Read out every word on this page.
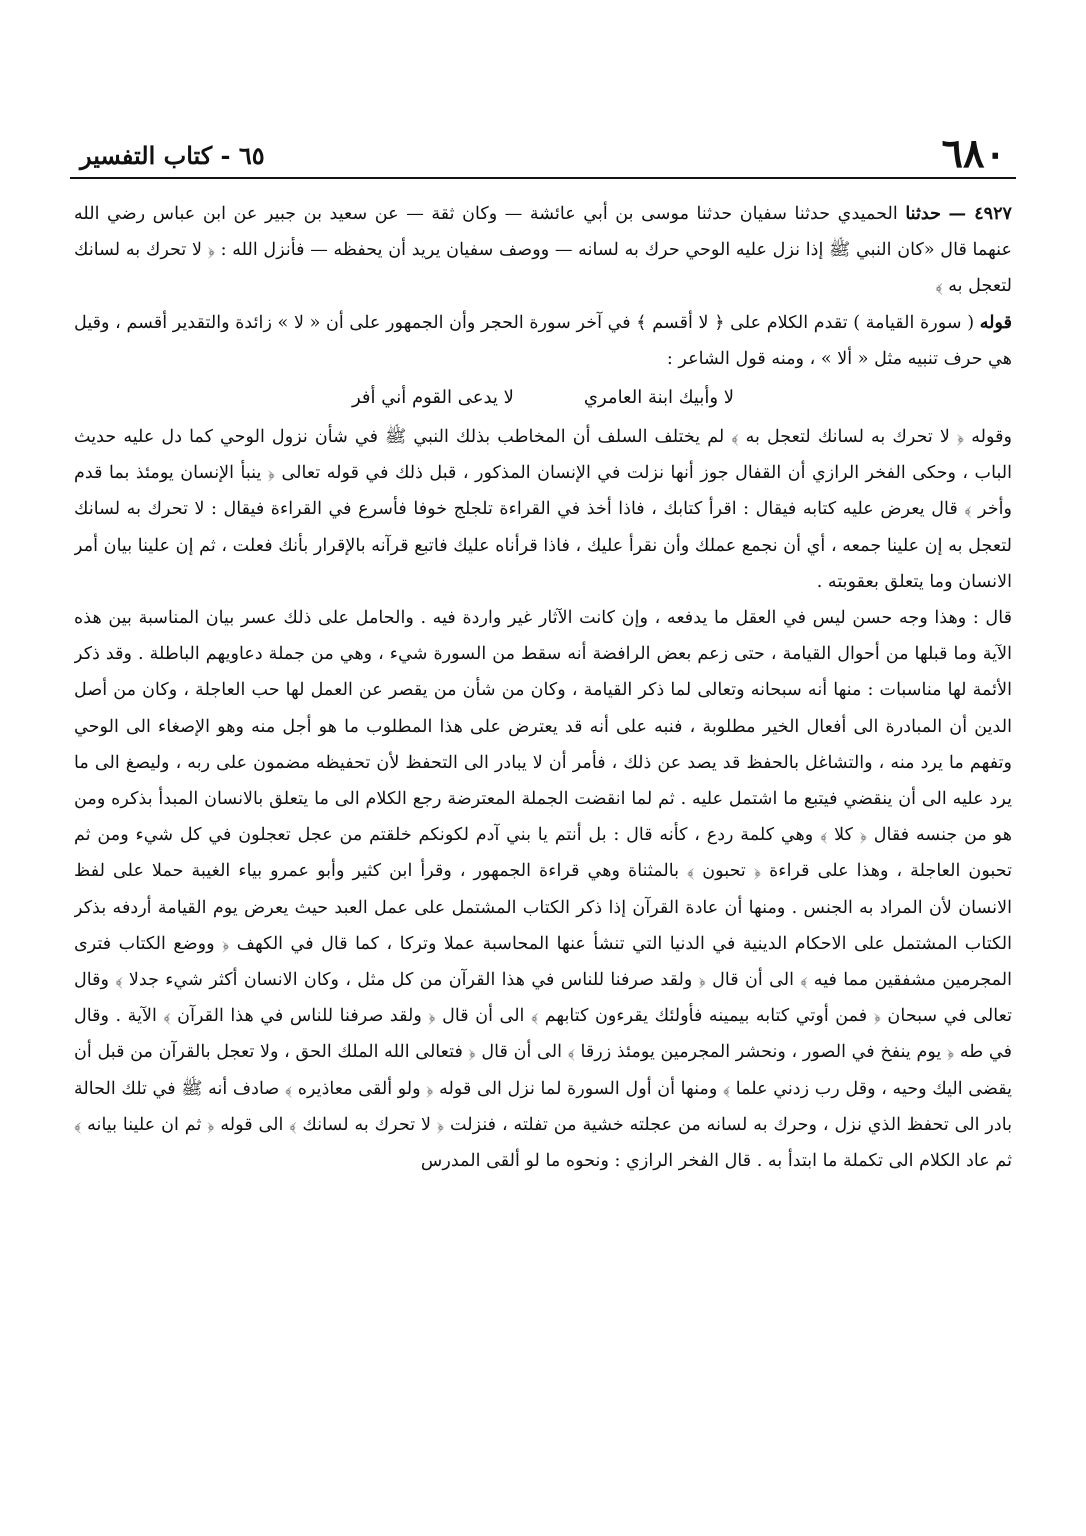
٦٨٠
٦٥ - كتاب التفسير

٤٩٢٧ — حدثنا الحميدي حدثنا سفيان حدثنا موسى بن أبي عائشة — وكان ثقة — عن سعيد بن جبير عن ابن عباس رضي الله عنهما قال «كان النبي ﷺ إذا نزل عليه الوحي حرك به لسانه — ووصف سفيان يريد أن يحفظه — فأنزل الله : ﴿ لا تحرك به لسانك لتعجل به ﴾

قوله ( سورة القيامة ) تقدم الكلام على ﴿ لا أقسم ﴾ في آخر سورة الحجر وأن الجمهور على أن « لا » زائدة والتقدير أقسم ، وقيل هي حرف تنبيه مثل « ألا » ، ومنه قول الشاعر :

لا وأبيك ابنة العامري
لا يدعى القوم أني أفر

وقوله ﴿ لا تحرك به لسانك لتعجل به ﴾ لم يختلف السلف أن المخاطب بذلك النبي ﷺ في شأن نزول الوحي كما دل عليه حديث الباب ، وحكى الفخر الرازي أن القفال جوز أنها نزلت في الإنسان المذكور ، قبل ذلك في قوله تعالى ﴿ ينبأ الإنسان يومئذ بما قدم وأخر ﴾ قال يعرض عليه كتابه فيقال : اقرأ كتابك ، فاذا أخذ في القراءة تلجلج خوفا فأسرع في القراءة فيقال : لا تحرك به لسانك لتعجل به إن علينا جمعه ، أي أن نجمع عملك وأن نقرأ عليك ، فاذا قرأناه عليك فاتبع قرآنه بالإقرار بأنك فعلت ، ثم إن علينا بيان أمر الانسان وما يتعلق بعقوبته .

قال : وهذا وجه حسن ليس في العقل ما يدفعه ، وإن كانت الآثار غير واردة فيه . والحامل على ذلك عسر بيان المناسبة بين هذه الآية وما قبلها من أحوال القيامة ، حتى زعم بعض الرافضة أنه سقط من السورة شيء ، وهي من جملة دعاويهم الباطلة . وقد ذكر الأئمة لها مناسبات : منها أنه سبحانه وتعالى لما ذكر القيامة ، وكان من شأن من يقصر عن العمل لها حب العاجلة ، وكان من أصل الدين أن المبادرة الى أفعال الخير مطلوبة ، فنبه على أنه قد يعترض على هذا المطلوب ما هو أجل منه وهو الإصغاء الى الوحي وتفهم ما يرد منه ، والتشاغل بالحفظ قد يصد عن ذلك ، فأمر أن لا يبادر الى التحفظ لأن تحفيظه مضمون على ربه ، وليصغ الى ما يرد عليه الى أن ينقضي فيتبع ما اشتمل عليه . ثم لما انقضت الجملة المعترضة رجع الكلام الى ما يتعلق بالانسان المبدأ بذكره ومن هو من جنسه فقال ﴿ كلا ﴾ وهي كلمة ردع ، كأنه قال : بل أنتم يا بني آدم لكونكم خلقتم من عجل تعجلون في كل شيء ومن ثم تحبون العاجلة ، وهذا على قراءة ﴿ تحبون ﴾ بالمثناة وهي قراءة الجمهور ، وقرأ ابن كثير وأبو عمرو بياء الغيبة حملا على لفظ الانسان لأن المراد به الجنس . ومنها أن عادة القرآن إذا ذكر الكتاب المشتمل على عمل العبد حيث يعرض يوم القيامة أردفه بذكر الكتاب المشتمل على الاحكام الدينية في الدنيا التي تنشأ عنها المحاسبة عملا وتركا ، كما قال في الكهف ﴿ ووضع الكتاب فترى المجرمين مشفقين مما فيه ﴾ الى أن قال ﴿ ولقد صرفنا للناس في هذا القرآن من كل مثل ، وكان الانسان أكثر شيء جدلا ﴾ وقال تعالى في سبحان ﴿ فمن أوتي كتابه بيمينه فأولئك يقرءون كتابهم ﴾ الى أن قال ﴿ ولقد صرفنا للناس في هذا القرآن ﴾ الآية . وقال في طه ﴿ يوم ينفخ في الصور ، ونحشر المجرمين يومئذ زرقا ﴾ الى أن قال ﴿ فتعالى الله الملك الحق ، ولا تعجل بالقرآن من قبل أن يقضى اليك وحيه ، وقل رب زدني علما ﴾ ومنها أن أول السورة لما نزل الى قوله ﴿ ولو ألقى معاذيره ﴾ صادف أنه ﷺ في تلك الحالة بادر الى تحفظ الذي نزل ، وحرك به لسانه من عجلته خشية من تفلته ، فنزلت ﴿ لا تحرك به لسانك ﴾ الى قوله ﴿ ثم ان علينا بيانه ﴾ ثم عاد الكلام الى تكملة ما ابتدأ به . قال الفخر الرازي : ونحوه ما لو ألقى المدرس
